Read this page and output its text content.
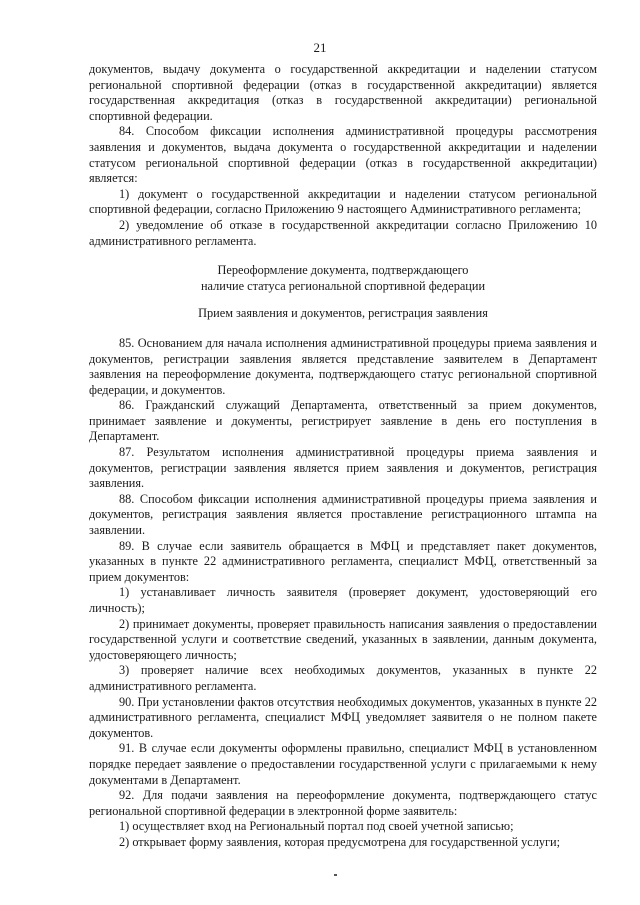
21

документов, выдачу документа о государственной аккредитации и наделении статусом региональной спортивной федерации (отказ в государственной аккредитации) является государственная аккредитация (отказ в государственной аккредитации) региональной спортивной федерации.

84. Способом фиксации исполнения административной процедуры рассмотрения заявления и документов, выдача документа о государственной аккредитации и наделении статусом региональной спортивной федерации (отказ в государственной аккредитации) является:

1) документ о государственной аккредитации и наделении статусом региональной спортивной федерации, согласно Приложению 9 настоящего Административного регламента;

2) уведомление об отказе в государственной аккредитации согласно Приложению 10 административного регламента.

Переоформление документа, подтверждающего

наличие статуса региональной спортивной федерации

Прием заявления и документов, регистрация заявления

85. Основанием для начала исполнения административной процедуры приема заявления и документов, регистрации заявления является представление заявителем в Департамент заявления на переоформление документа, подтверждающего статус региональной спортивной федерации, и документов.

86. Гражданский служащий Департамента, ответственный за прием документов, принимает заявление и документы, регистрирует заявление в день его поступления в Департамент.

87. Результатом исполнения административной процедуры приема заявления и документов, регистрации заявления является прием заявления и документов, регистрация заявления.

88. Способом фиксации исполнения административной процедуры приема заявления и документов, регистрация заявления является проставление регистрационного штампа на заявлении.

89. В случае если заявитель обращается в МФЦ и представляет пакет документов, указанных в пункте 22 административного регламента, специалист МФЦ, ответственный за прием документов:

1) устанавливает личность заявителя (проверяет документ, удостоверяющий его личность);

2) принимает документы, проверяет правильность написания заявления о предоставлении государственной услуги и соответствие сведений, указанных в заявлении, данным документа, удостоверяющего личность;

3) проверяет наличие всех необходимых документов, указанных в пункте 22 административного регламента.

90. При установлении фактов отсутствия необходимых документов, указанных в пункте 22 административного регламента, специалист МФЦ уведомляет заявителя о не полном пакете документов.

91. В случае если документы оформлены правильно, специалист МФЦ в установленном порядке передает заявление о предоставлении государственной услуги с прилагаемыми к нему документами в Департамент.

92. Для подачи заявления на переоформление документа, подтверждающего статус региональной спортивной федерации в электронной форме заявитель:

1) осуществляет вход на Региональный портал под своей учетной записью;

2) открывает форму заявления, которая предусмотрена для государственной услуги;
